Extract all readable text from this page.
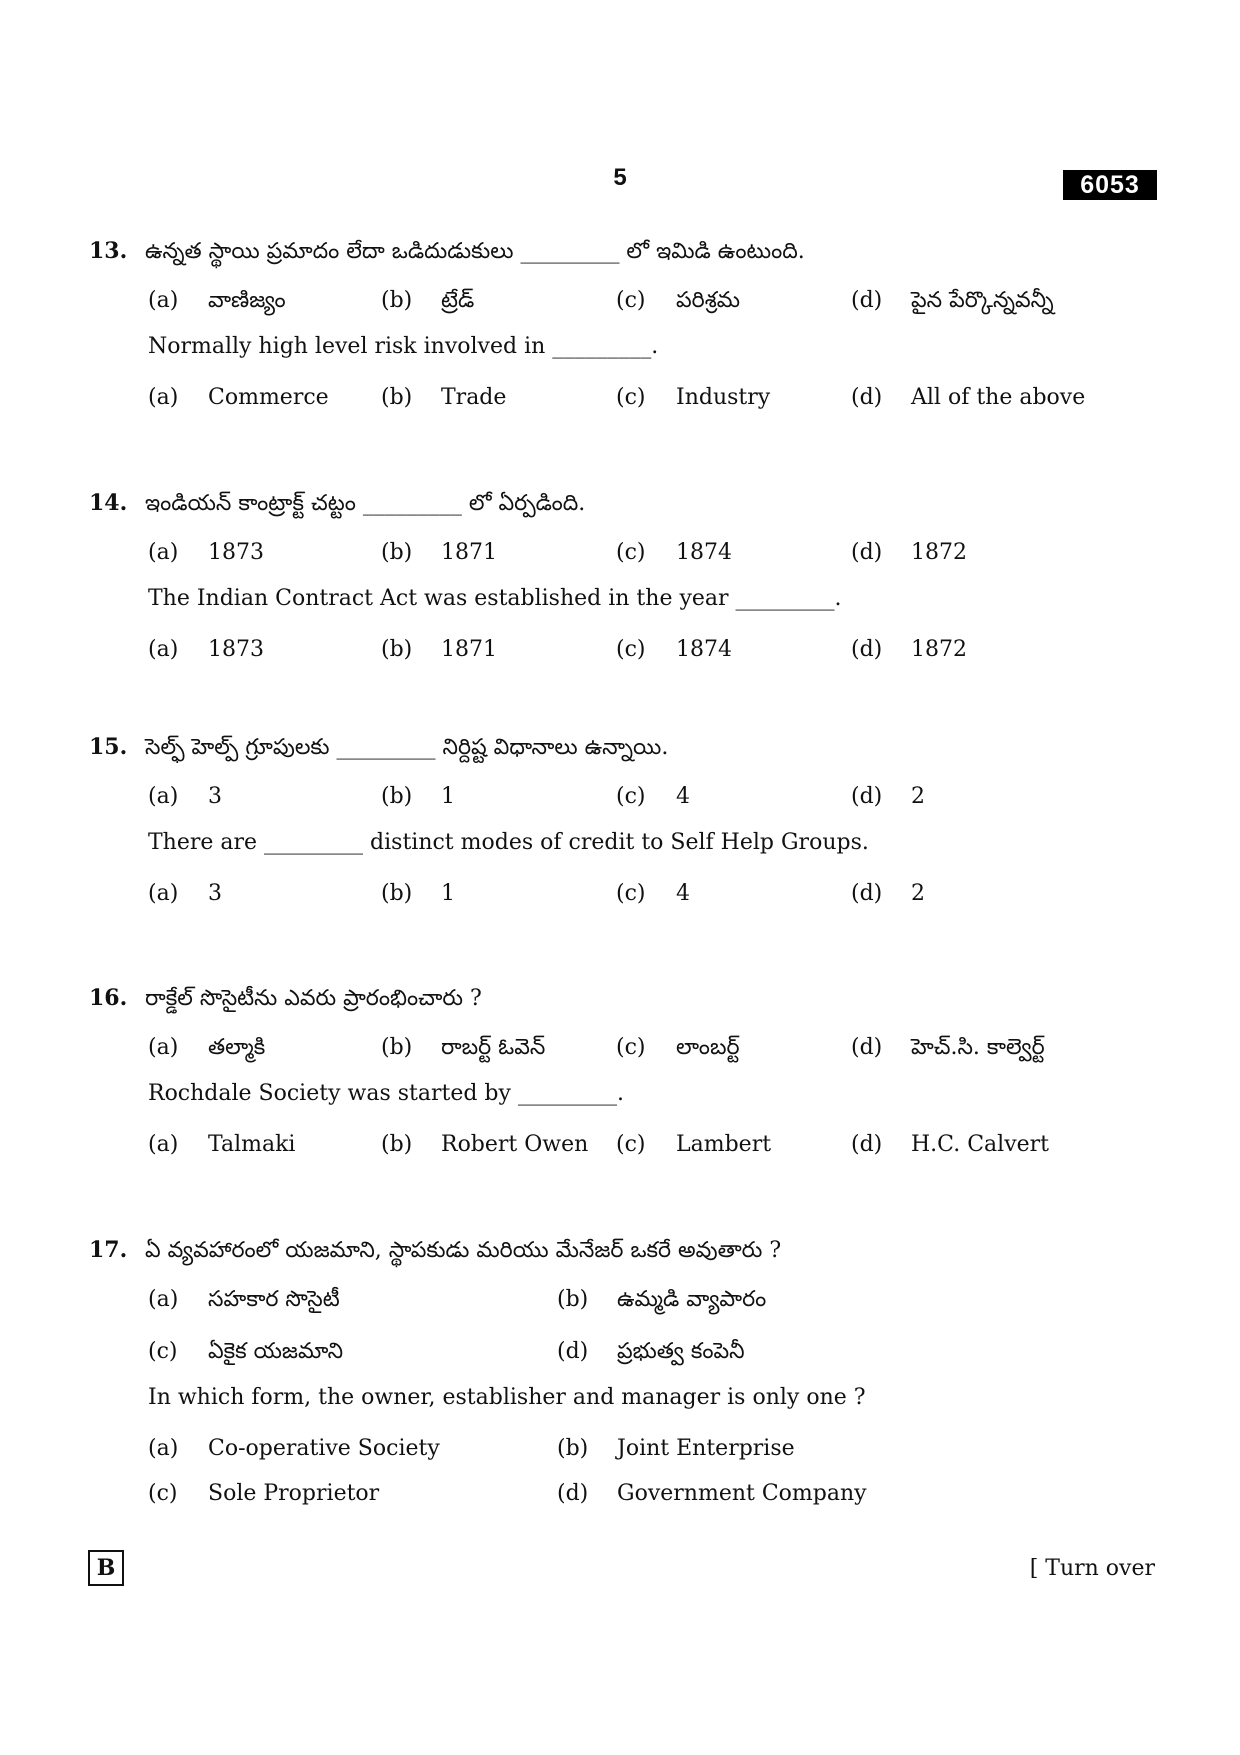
5	6053
B	[ Turn over
13. ఉన్నత స్థాయి ప్రమాదం లేదా ఒడిదుడుకులు _________ లో ఇమిడి ఉంటుంది.
(a) వాణిజ్యం	(b) ట్రేడ్	(c) పరిశ్రమ	(d) పైన పేర్కొన్నవన్నీ
Normally high level risk involved in _________.
(a) Commerce (b) Trade	(c) Industry	(d) All of the above
14. ఇండియన్ కాంట్రాక్ట్ చట్టం _________ లో ఏర్పడింది.
(a) 1873	(b) 1871	(c) 1874	(d) 1872
The Indian Contract Act was established in the year _________.
(a) 1873	(b) 1871	(c) 1874	(d) 1872
15. సెల్ఫ్ హెల్ప్ గ్రూపులకు _________ నిర్దిష్ట విధానాలు ఉన్నాయి.
(a) 3	(b) 1	(c) 4	(d) 2
There are _________ distinct modes of credit to Self Help Groups.
(a) 3	(b) 1	(c) 4	(d) 2
16. రాక్డేల్ సొసైటీను ఎవరు ప్రారంభించారు ?
(a) తల్మాకి	(b) రాబర్ట్ ఓవెన్	(c) లాంబర్ట్	(d) హెచ్.సి. కాల్వెర్ట్
Rochdale Society was started by _________.
(a) Talmaki	(b) Robert Owen (c) Lambert	(d) H.C. Calvert
17. ఏ వ్యవహారంలో యజమాని, స్థాపకుడు మరియు మేనేజర్ ఒకరే అవుతారు ?
(a) సహకార సొసైటీ	(b) ఉమ్మడి వ్యాపారం
(c) ఏకైక యజమాని	(d) ప్రభుత్వ కంపెనీ
In which form, the owner, establisher and manager is only one ?
(a) Co-operative Society	(b) Joint Enterprise
(c) Sole Proprietor	(d) Government Company
